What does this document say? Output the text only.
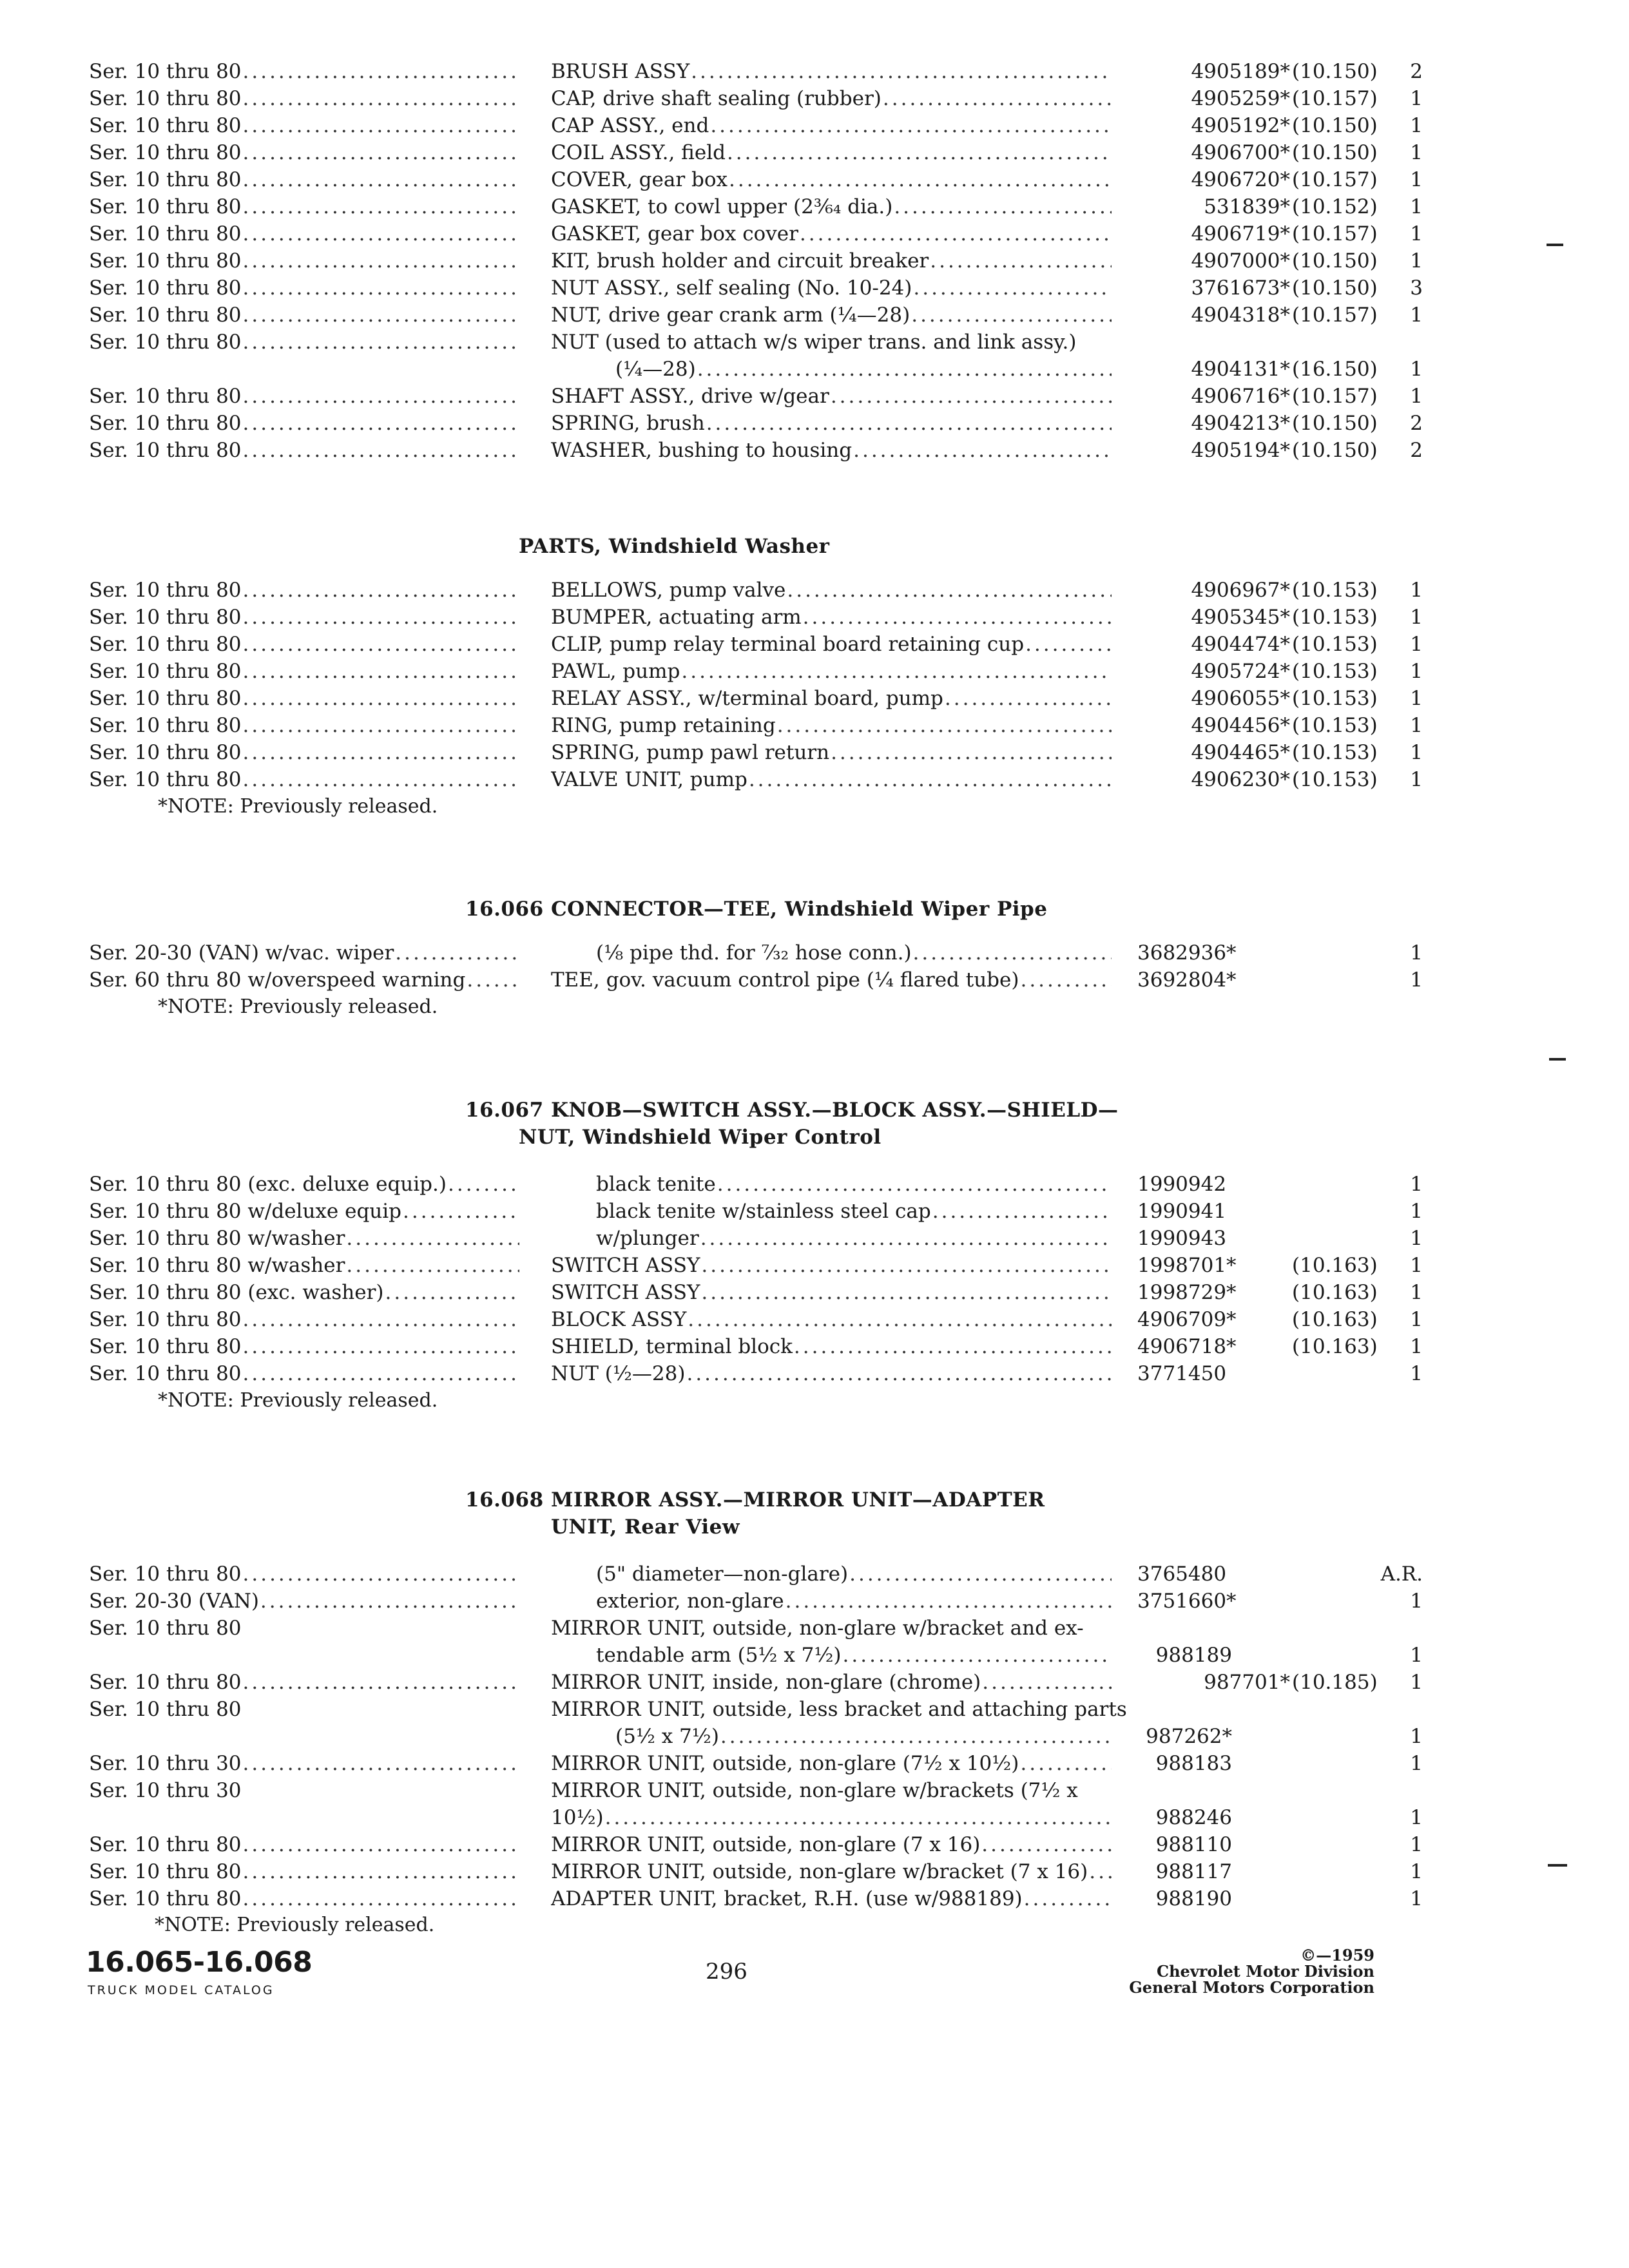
Ser. 10 thru 80 .....	BRUSH ASSY .....	4905189* (10.150)	2
Ser. 10 thru 80 .....	CAP, drive shaft sealing (rubber) .....	4905259* (10.157)	1
Ser. 10 thru 80 .....	CAP ASSY., end .....	4905192* (10.150)	1
Ser. 10 thru 80 .....	COIL ASSY., field .....	4906700* (10.150)	1
Ser. 10 thru 80 .....	COVER, gear box .....	4906720* (10.157)	1
Ser. 10 thru 80 .....	GASKET, to cowl upper (2³⁄₆₄ dia.) .....	531839* (10.152)	1
Ser. 10 thru 80 .....	GASKET, gear box cover .....	4906719* (10.157)	1
Ser. 10 thru 80 .....	KIT, brush holder and circuit breaker .....	4907000* (10.150)	1
Ser. 10 thru 80 .....	NUT ASSY., self sealing (No. 10-24) .....	3761673* (10.150)	3
Ser. 10 thru 80 .....	NUT, drive gear crank arm (¼—28) .....	4904318* (10.157)	1
Ser. 10 thru 80 .....	NUT (used to attach w/s wiper trans. and link assy.)
(¼—28) .....	4904131* (16.150)	1
Ser. 10 thru 80 .....	SHAFT ASSY., drive w/gear .....	4906716* (10.157)	1
Ser. 10 thru 80 .....	SPRING, brush .....	4904213* (10.150)	2
Ser. 10 thru 80 .....	WASHER, bushing to housing .....	4905194* (10.150)	2
PARTS, Windshield Washer
Ser. 10 thru 80 .....	BELLOWS, pump valve .....	4906967* (10.153)	1
Ser. 10 thru 80 .....	BUMPER, actuating arm .....	4905345* (10.153)	1
Ser. 10 thru 80 .....	CLIP, pump relay terminal board retaining cup .....	4904474* (10.153)	1
Ser. 10 thru 80 .....	PAWL, pump .....	4905724* (10.153)	1
Ser. 10 thru 80 .....	RELAY ASSY., w/terminal board, pump .....	4906055* (10.153)	1
Ser. 10 thru 80 .....	RING, pump retaining .....	4904456* (10.153)	1
Ser. 10 thru 80 .....	SPRING, pump pawl return .....	4904465* (10.153)	1
Ser. 10 thru 80 .....	VALVE UNIT, pump .....	4906230* (10.153)	1
*NOTE: Previously released.
16.066 CONNECTOR—TEE, Windshield Wiper Pipe
Ser. 20-30 (VAN) w/vac. wiper .....	(⅛ pipe thd. for ⁷⁄₃₂ hose conn.) .....	3682936*	1
Ser. 60 thru 80 w/overspeed warning .....	TEE, gov. vacuum control pipe (¼ flared tube) .....	3692804*	1
*NOTE: Previously released.
16.067 KNOB—SWITCH ASSY.—BLOCK ASSY.—SHIELD—
NUT, Windshield Wiper Control
Ser. 10 thru 80 (exc. deluxe equip.) .....	black tenite .....	1990942	1
Ser. 10 thru 80 w/deluxe equip .....	black tenite w/stainless steel cap .....	1990941	1
Ser. 10 thru 80 w/washer .....	w/plunger .....	1990943	1
Ser. 10 thru 80 w/washer .....	SWITCH ASSY .....	1998701*	(10.163)	1
Ser. 10 thru 80 (exc. washer) .....	SWITCH ASSY .....	1998729*	(10.163)	1
Ser. 10 thru 80 .....	BLOCK ASSY .....	4906709*	(10.163)	1
Ser. 10 thru 80 .....	SHIELD, terminal block .....	4906718*	(10.163)	1
Ser. 10 thru 80 .....	NUT (½—28) .....	3771450	1
*NOTE: Previously released.
16.068 MIRROR ASSY.—MIRROR UNIT—ADAPTER
UNIT, Rear View
Ser. 10 thru 80 .....	(5" diameter—non-glare) .....	3765480	A.R.
Ser. 20-30 (VAN) .....	exterior, non-glare .....	3751660*	1
Ser. 10 thru 80	MIRROR UNIT, outside, non-glare w/bracket and ex-
tendable arm (5½ x 7½) .....	988189	1
Ser. 10 thru 80 .....	MIRROR UNIT, inside, non-glare (chrome) .....	987701* (10.185)	1
Ser. 10 thru 80	MIRROR UNIT, outside, less bracket and attaching parts
(5½ x 7½) .....	987262*	1
Ser. 10 thru 30 .....	MIRROR UNIT, outside, non-glare (7½ x 10½) .....	988183	1
Ser. 10 thru 30	MIRROR UNIT, outside, non-glare w/brackets (7½ x
10½) .....	988246	1
Ser. 10 thru 80 .....	MIRROR UNIT, outside, non-glare (7 x 16) .....	988110	1
Ser. 10 thru 80 .....	MIRROR UNIT, outside, non-glare w/bracket (7 x 16) .....	988117	1
Ser. 10 thru 80 .....	ADAPTER UNIT, bracket, R.H. (use w/988189) .....	988190	1
*NOTE: Previously released.
16.065-16.068
TRUCK MODEL CATALOG
296
©—1959
Chevrolet Motor Division
General Motors Corporation
